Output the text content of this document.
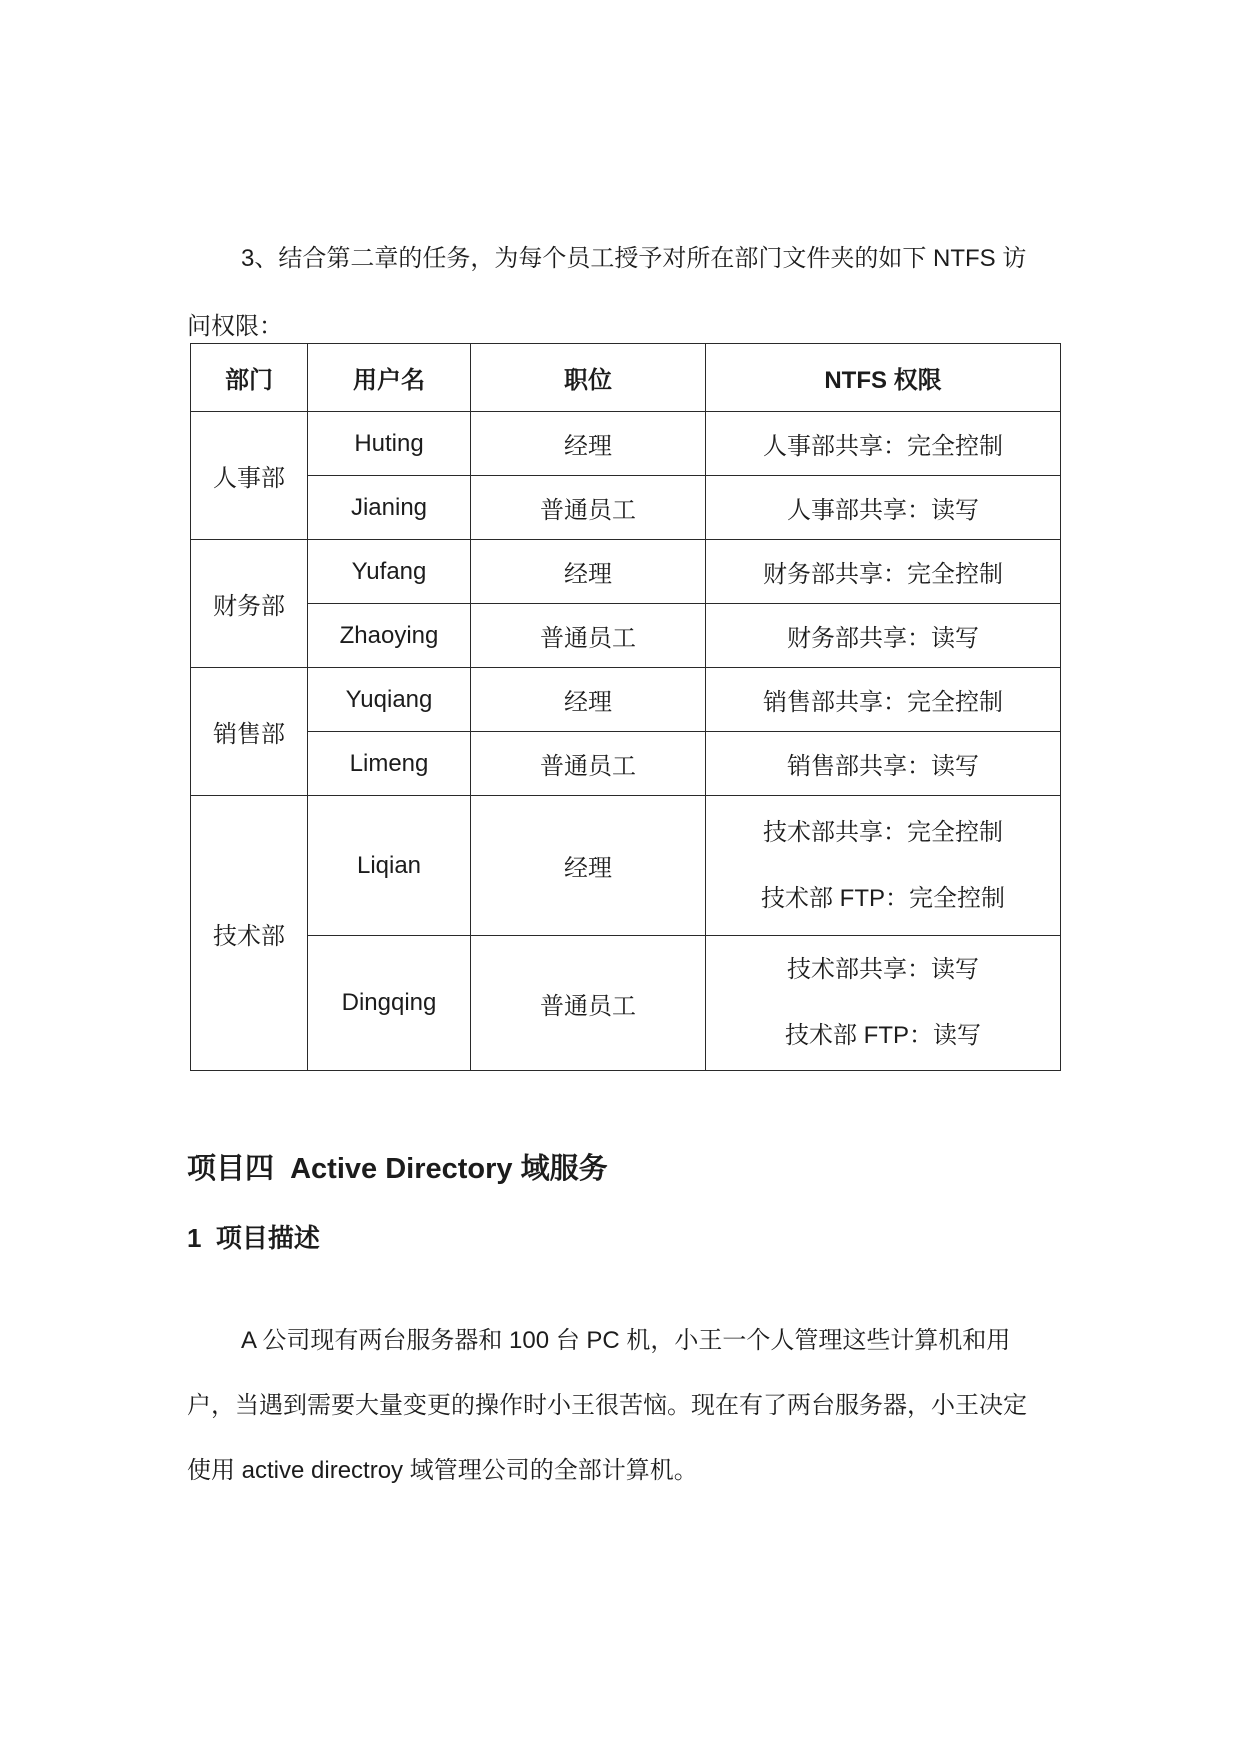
3、结合第二章的任务，为每个员工授予对所在部门文件夹的如下 NTFS 访
问权限：

部门	用户名	职位	NTFS 权限
人事部	Huting	经理	人事部共享：完全控制
	Jianing	普通员工	人事部共享：读写
财务部	Yufang	经理	财务部共享：完全控制
	Zhaoying	普通员工	财务部共享：读写
销售部	Yuqiang	经理	销售部共享：完全控制
	Limeng	普通员工	销售部共享：读写
技术部	Liqian	经理	技术部共享：完全控制
技术部 FTP：完全控制

	Dingqing	普通员工	技术部共享：读写
技术部 FTP：读写
项目四  Active Directory 域服务
1  项目描述

A 公司现有两台服务器和 100 台 PC 机，小王一个人管理这些计算机和用
户，当遇到需要大量变更的操作时小王很苦恼。现在有了两台服务器，小王决定
使用 active directroy 域管理公司的全部计算机。
